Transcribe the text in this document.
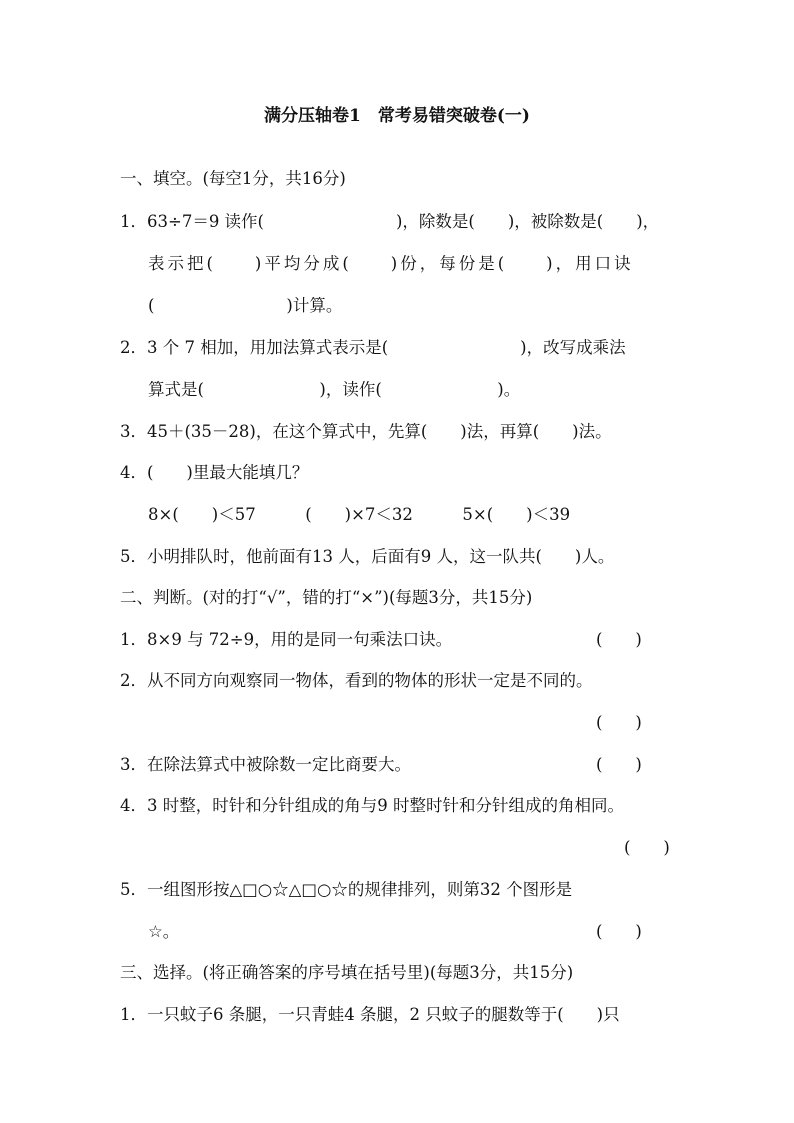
满分压轴卷1　常考易错突破卷(一)
一、填空。(每空1分，共16分)
1．63÷7＝9 读作(　　　　　　　　)，除数是(　　)，被除数是(　　)，
表示把(　　)平均分成(　　)份，每份是(　　)，用口诀
(　　　　　　　　)计算。
2．3 个 7 相加，用加法算式表示是(　　　　　　　　)，改写成乘法
算式是(　　　　　　　)，读作(　　　　　　　)。
3．45＋(35－28)，在这个算式中，先算(　　)法，再算(　　)法。
4．(　　)里最大能填几？
8×(　　)＜57　　　(　　)×7＜32　　　5×(　　)＜39
5．小明排队时，他前面有13 人，后面有9 人，这一队共(　　)人。
二、判断。(对的打“√”，错的打“×”)(每题3分，共15分)
1．8×9 与 72÷9，用的是同一句乘法口诀。	(　　)
2．从不同方向观察同一物体，看到的物体的形状一定是不同的。
(　　)
3．在除法算式中被除数一定比商要大。	(　　)
4．3 时整，时针和分针组成的角与9 时整时针和分针组成的角相同。
(　　)
5．一组图形按△□○☆△□○☆的规律排列，则第32 个图形是
☆。	(　　)
三、选择。(将正确答案的序号填在括号里)(每题3分，共15分)
1．一只蚊子6 条腿，一只青蛙4 条腿，2 只蚊子的腿数等于(　　)只
